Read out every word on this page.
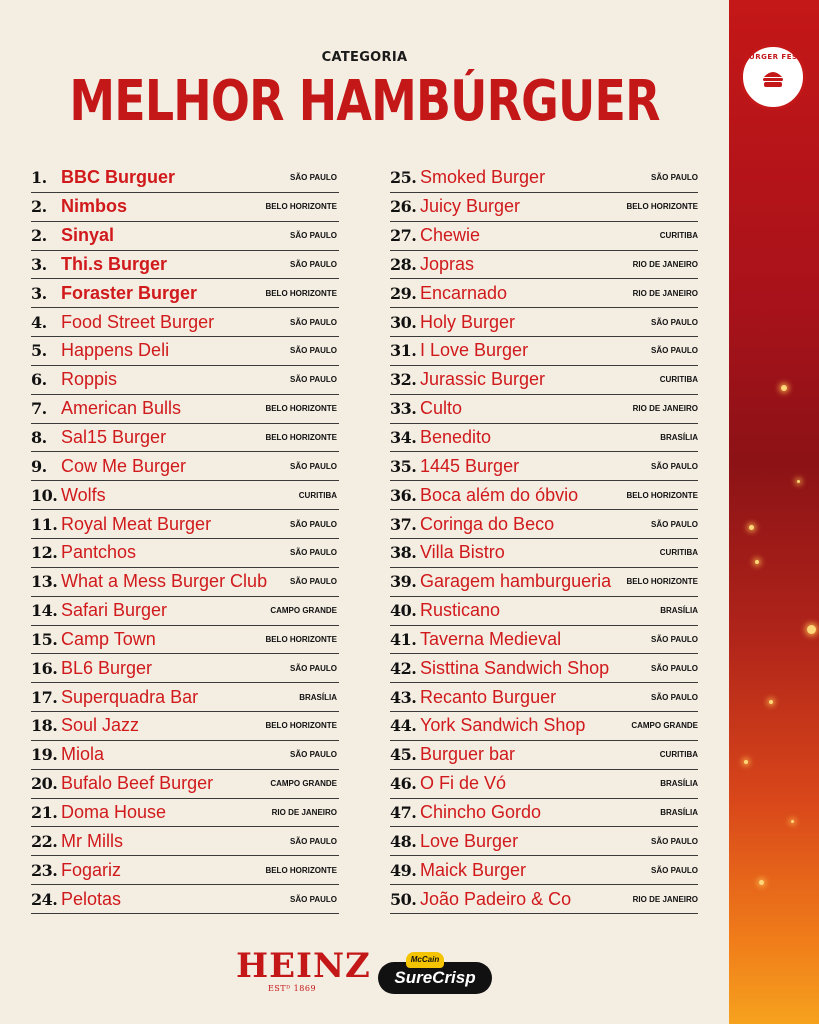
BURGER FEST
CATEGORIA
MELHOR HAMBÚRGUER
1. BBC Burguer	SÃO PAULO
2. Nimbos	BELO HORIZONTE
2. Sinyal	SÃO PAULO
3. Thi.s Burger	SÃO PAULO
3. Foraster Burger	BELO HORIZONTE
4. Food Street Burger	SÃO PAULO
5. Happens Deli	SÃO PAULO
6. Roppis	SÃO PAULO
7. American Bulls	BELO HORIZONTE
8. Sal15 Burger	BELO HORIZONTE
9. Cow Me Burger	SÃO PAULO
10. Wolfs	CURITIBA
11. Royal Meat Burger	SÃO PAULO
12. Pantchos	SÃO PAULO
13. What a Mess Burger Club	SÃO PAULO
14. Safari Burger	CAMPO GRANDE
15. Camp Town	BELO HORIZONTE
16. BL6 Burger	SÃO PAULO
17. Superquadra Bar	BRASÍLIA
18. Soul Jazz	BELO HORIZONTE
19. Miola	SÃO PAULO
20. Bufalo Beef Burger	CAMPO GRANDE
21. Doma House	RIO DE JANEIRO
22. Mr Mills	SÃO PAULO
23. Fogariz	BELO HORIZONTE
24. Pelotas	SÃO PAULO
25. Smoked Burger	SÃO PAULO
26. Juicy Burger	BELO HORIZONTE
27. Chewie	CURITIBA
28. Jopras	RIO DE JANEIRO
29. Encarnado	RIO DE JANEIRO
30. Holy Burger	SÃO PAULO
31. I Love Burger	SÃO PAULO
32. Jurassic Burger	CURITIBA
33. Culto	RIO DE JANEIRO
34. Benedito	BRASÍLIA
35. 1445 Burger	SÃO PAULO
36. Boca além do óbvio	BELO HORIZONTE
37. Coringa do Beco	SÃO PAULO
38. Villa Bistro	CURITIBA
39. Garagem hamburgueria	BELO HORIZONTE
40. Rusticano	BRASÍLIA
41. Taverna Medieval	SÃO PAULO
42. Sisttina Sandwich Shop	SÃO PAULO
43. Recanto Burguer	SÃO PAULO
44. York Sandwich Shop	CAMPO GRANDE
45. Burguer bar	CURITIBA
46. O Fi de Vó	BRASÍLIA
47. Chincho Gordo	BRASÍLIA
48. Love Burger	SÃO PAULO
49. Maick Burger	SÃO PAULO
50. João Padeiro & Co	RIO DE JANEIRO
HEINZ
ESTᴰ 1869
SureCrisp
McCain
